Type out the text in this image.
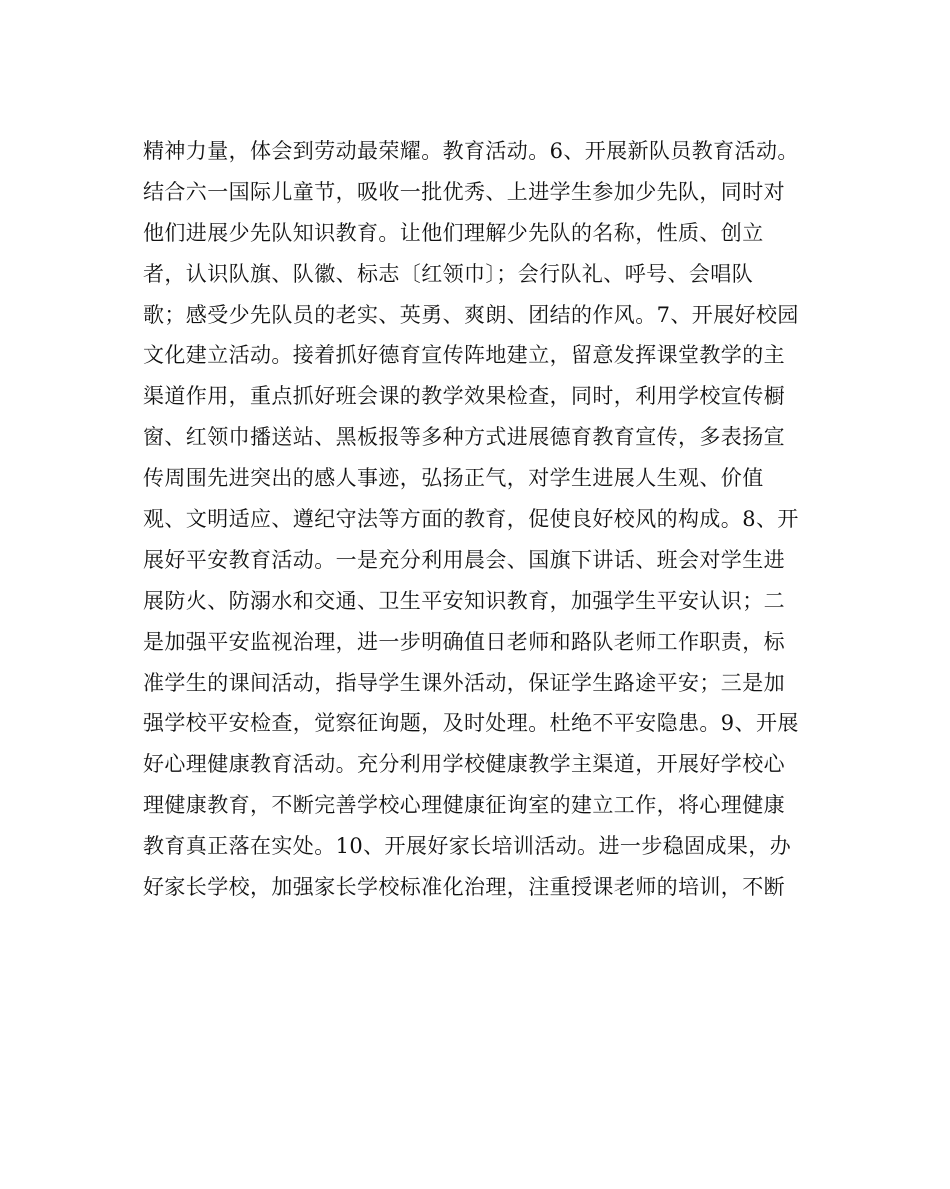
精神力量，体会到劳动最荣耀。教育活动。6、开展新队员教育活动。
结合六一国际儿童节，吸收一批优秀、上进学生参加少先队，同时对
他们进展少先队知识教育。让他们理解少先队的名称，性质、创立
者，认识队旗、队徽、标志〔红领巾〕；会行队礼、呼号、会唱队
歌；感受少先队员的老实、英勇、爽朗、团结的作风。7、开展好校园
文化建立活动。接着抓好德育宣传阵地建立，留意发挥课堂教学的主
渠道作用，重点抓好班会课的教学效果检查，同时，利用学校宣传橱
窗、红领巾播送站、黑板报等多种方式进展德育教育宣传，多表扬宣
传周围先进突出的感人事迹，弘扬正气，对学生进展人生观、价值
观、文明适应、遵纪守法等方面的教育，促使良好校风的构成。8、开
展好平安教育活动。一是充分利用晨会、国旗下讲话、班会对学生进
展防火、防溺水和交通、卫生平安知识教育，加强学生平安认识；二
是加强平安监视治理，进一步明确值日老师和路队老师工作职责，标
准学生的课间活动，指导学生课外活动，保证学生路途平安；三是加
强学校平安检查，觉察征询题，及时处理。杜绝不平安隐患。9、开展
好心理健康教育活动。充分利用学校健康教学主渠道，开展好学校心
理健康教育，不断完善学校心理健康征询室的建立工作，将心理健康
教育真正落在实处。10、开展好家长培训活动。进一步稳固成果，办
好家长学校，加强家长学校标准化治理，注重授课老师的培训，不断
